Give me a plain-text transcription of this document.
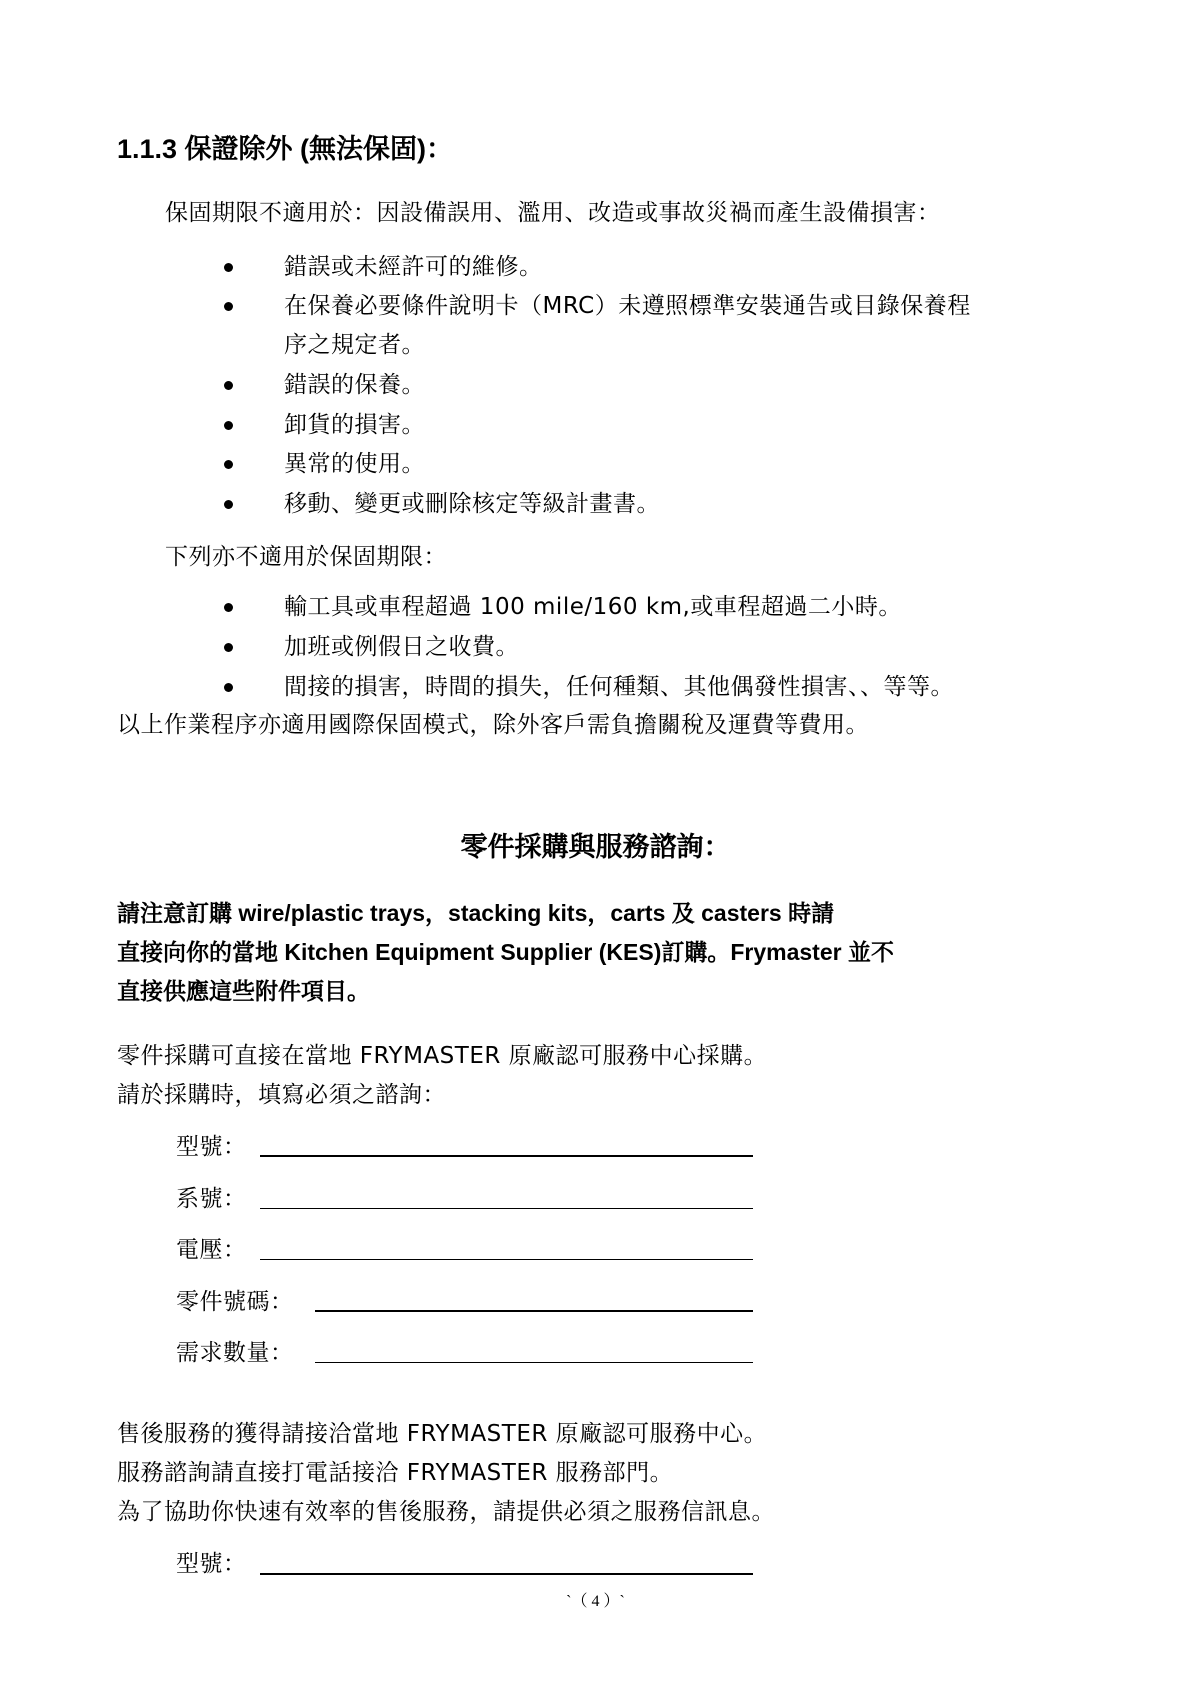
1.1.3 保證除外 (無法保固)：
保固期限不適用於：因設備誤用、濫用、改造或事故災禍而產生設備損害：
錯誤或未經許可的維修。
在保養必要條件說明卡（MRC）未遵照標準安裝通告或目錄保養程
序之規定者。
錯誤的保養。
卸貨的損害。
異常的使用。
移動、變更或刪除核定等級計畫書。
下列亦不適用於保固期限：
輸工具或車程超過 100 mile/160 km,或車程超過二小時。
加班或例假日之收費。
間接的損害，時間的損失，任何種類、其他偶發性損害、、等等。
以上作業程序亦適用國際保固模式，除外客戶需負擔關稅及運費等費用。
零件採購與服務諮詢：
請注意訂購 wire/plastic trays，stacking kits，carts 及 casters 時請
直接向你的當地 Kitchen Equipment Supplier (KES)訂購。Frymaster 並不
直接供應這些附件項目。
零件採購可直接在當地 FRYMASTER 原廠認可服務中心採購。
請於採購時，填寫必須之諮詢：
型號：
系號：
電壓：
零件號碼：
需求數量：
售後服務的獲得請接洽當地 FRYMASTER 原廠認可服務中心。
服務諮詢請直接打電話接洽 FRYMASTER 服務部門。
為了協助你快速有效率的售後服務，請提供必須之服務信訊息。
型號：
`（ 4 ）`
